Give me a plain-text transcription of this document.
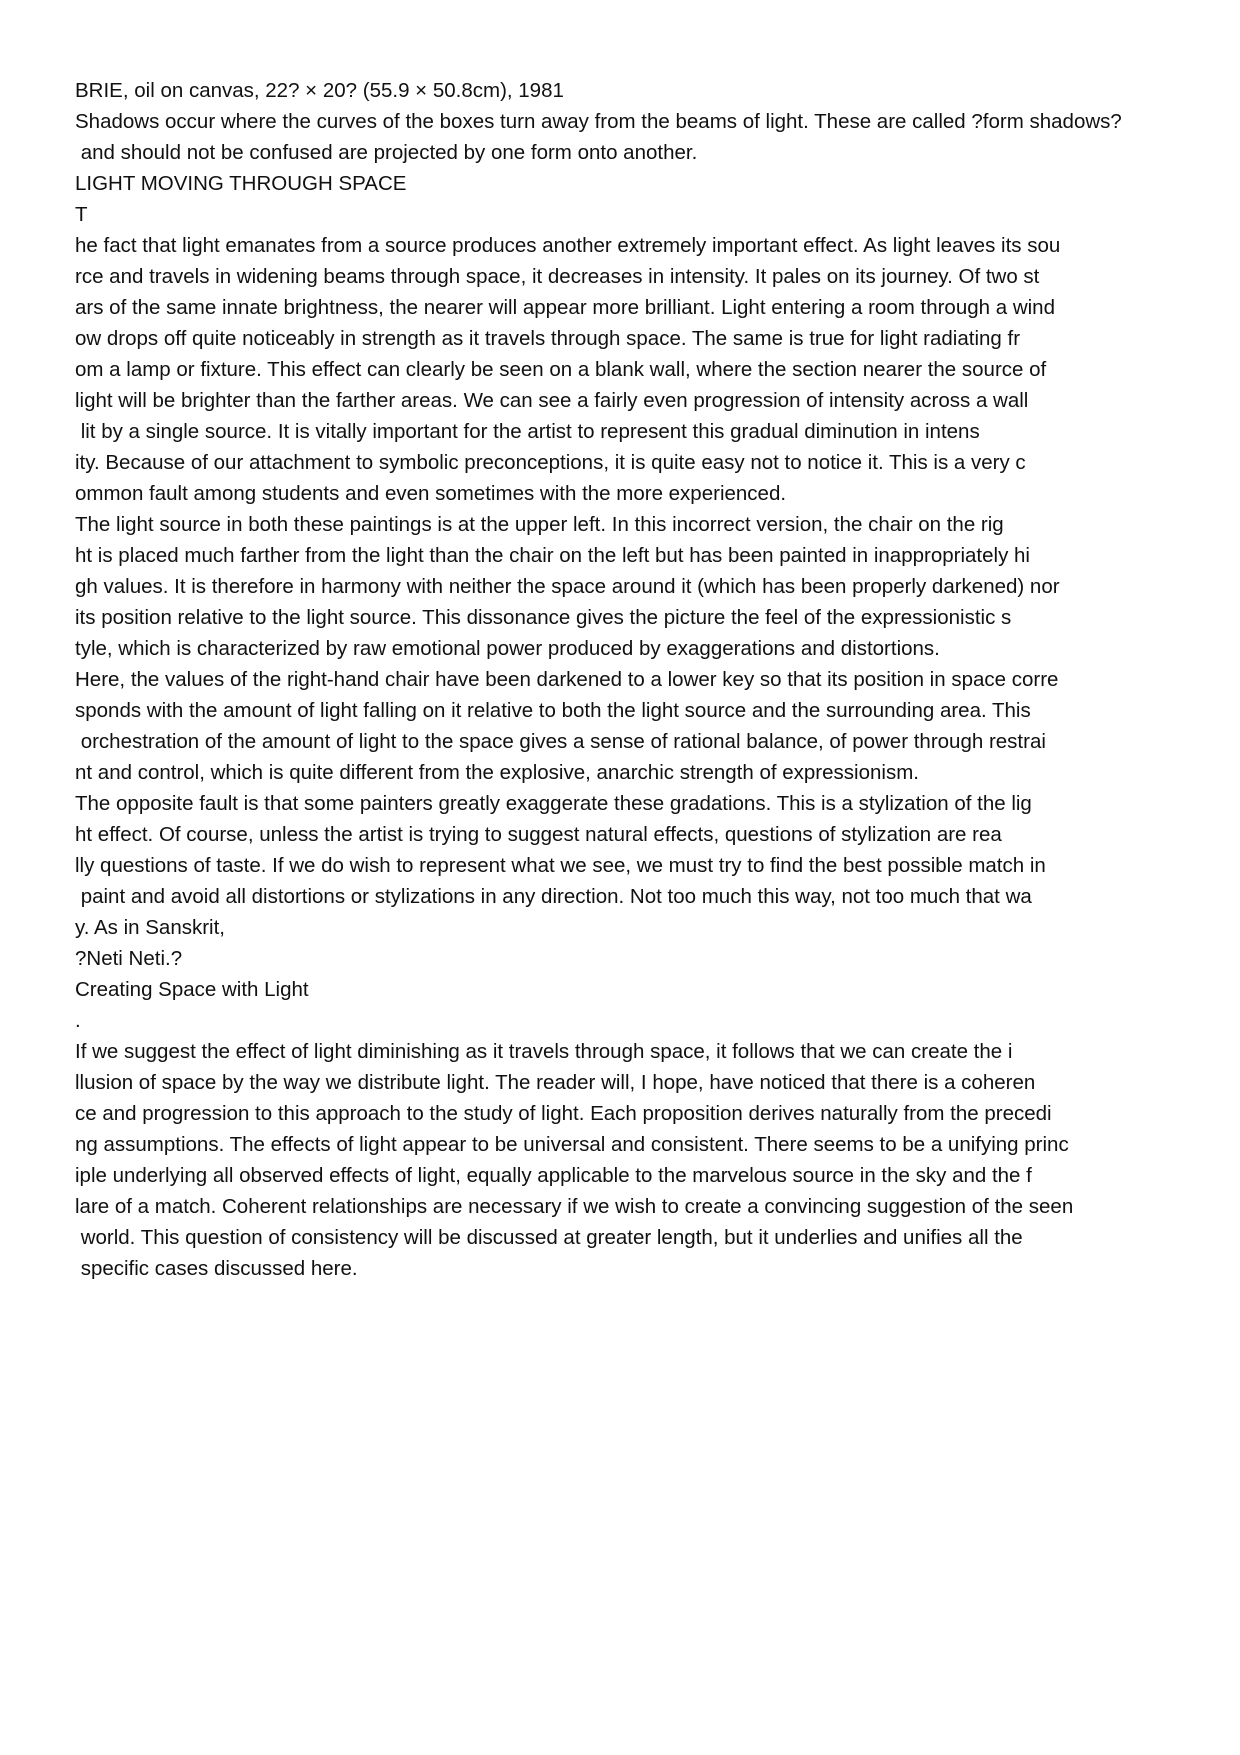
BRIE, oil on canvas, 22? × 20? (55.9 × 50.8cm), 1981
Shadows occur where the curves of the boxes turn away from the beams of light. These are called ?form shadows?
and should not be confused are projected by one form onto another.
LIGHT MOVING THROUGH SPACE
T
he fact that light emanates from a source produces another extremely important effect. As light leaves its sou
rce and travels in widening beams through space, it decreases in intensity. It pales on its journey. Of two st
ars of the same innate brightness, the nearer will appear more brilliant. Light entering a room through a wind
ow drops off quite noticeably in strength as it travels through space. The same is true for light radiating fr
om a lamp or fixture. This effect can clearly be seen on a blank wall, where the section nearer the source of
light will be brighter than the farther areas. We can see a fairly even progression of intensity across a wall
lit by a single source. It is vitally important for the artist to represent this gradual diminution in intens
ity. Because of our attachment to symbolic preconceptions, it is quite easy not to notice it. This is a very c
ommon fault among students and even sometimes with the more experienced.
The light source in both these paintings is at the upper left. In this incorrect version, the chair on the rig
ht is placed much farther from the light than the chair on the left but has been painted in inappropriately hi
gh values. It is therefore in harmony with neither the space around it (which has been properly darkened) nor
its position relative to the light source. This dissonance gives the picture the feel of the expressionistic s
tyle, which is characterized by raw emotional power produced by exaggerations and distortions.
Here, the values of the right-hand chair have been darkened to a lower key so that its position in space corre
sponds with the amount of light falling on it relative to both the light source and the surrounding area. This
orchestration of the amount of light to the space gives a sense of rational balance, of power through restrai
nt and control, which is quite different from the explosive, anarchic strength of expressionism.
The opposite fault is that some painters greatly exaggerate these gradations. This is a stylization of the lig
ht effect. Of course, unless the artist is trying to suggest natural effects, questions of stylization are rea
lly questions of taste. If we do wish to represent what we see, we must try to find the best possible match in
paint and avoid all distortions or stylizations in any direction. Not too much this way, not too much that wa
y. As in Sanskrit,
?Neti Neti.?
Creating Space with Light
.
If we suggest the effect of light diminishing as it travels through space, it follows that we can create the i
llusion of space by the way we distribute light. The reader will, I hope, have noticed that there is a coheren
ce and progression to this approach to the study of light. Each proposition derives naturally from the precedi
ng assumptions. The effects of light appear to be universal and consistent. There seems to be a unifying princ
iple underlying all observed effects of light, equally applicable to the marvelous source in the sky and the f
lare of a match. Coherent relationships are necessary if we wish to create a convincing suggestion of the seen
world. This question of consistency will be discussed at greater length, but it underlies and unifies all the
specific cases discussed here.
